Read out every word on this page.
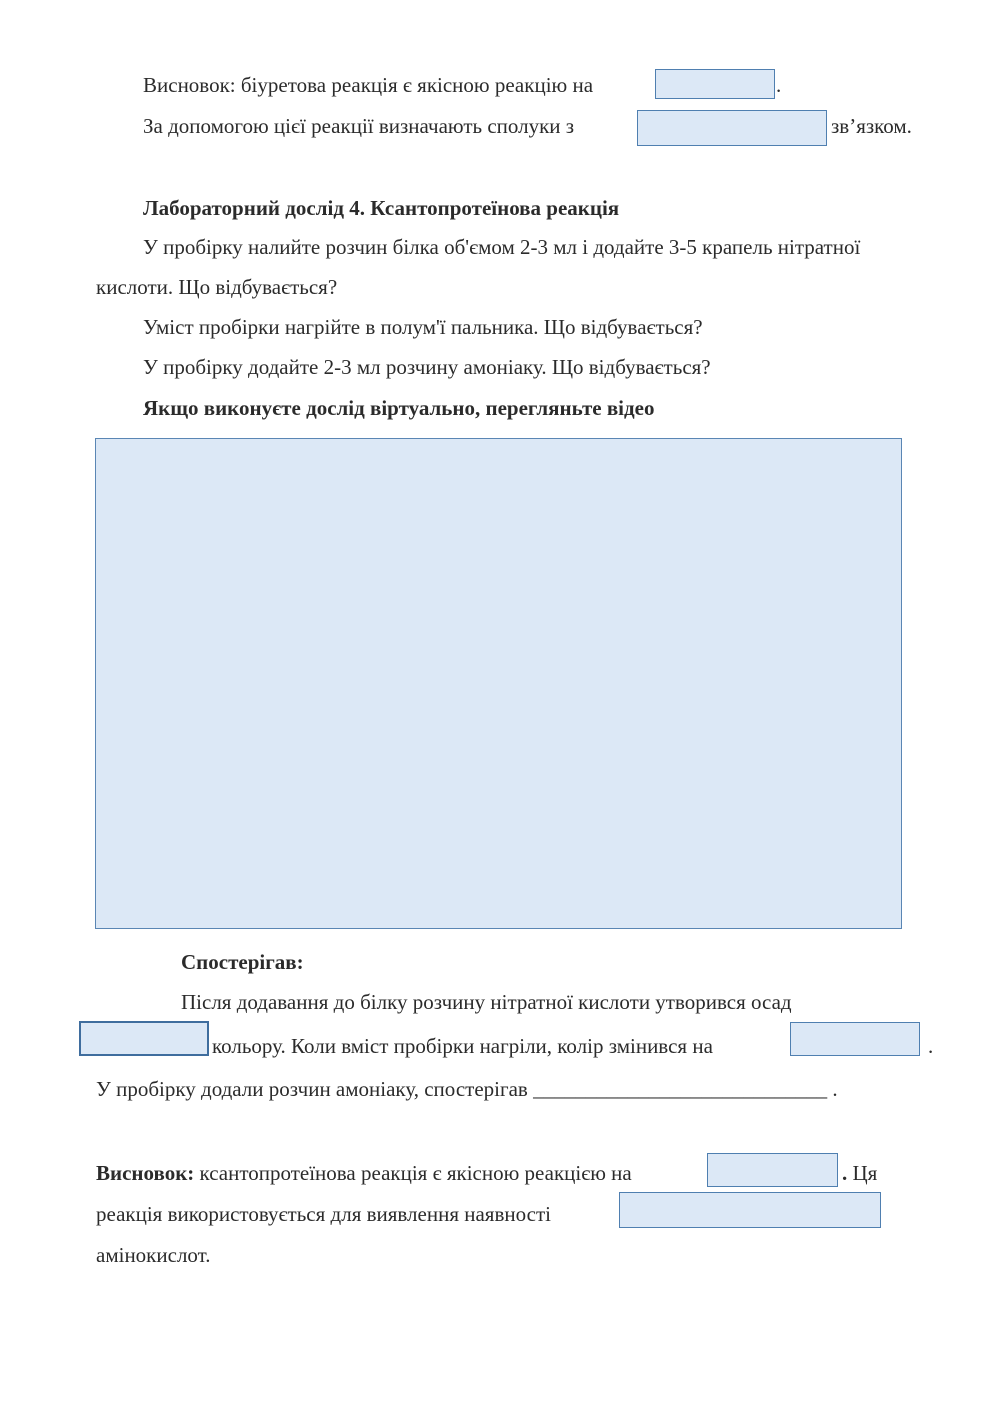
Висновок: біуретова реакція є якісною реакцію на	.
За допомогою цієї реакції визначають сполуки з	зв’язком.
Лабораторний дослід 4. Ксантопротеїнова реакція
У пробірку налийте розчин білка об'ємом 2-3 мл і додайте 3-5 крапель нітратної
кислоти. Що відбувається?
Уміст пробірки нагрійте в полум'ї пальника. Що відбувається?
У пробірку додайте 2-3 мл розчину амоніаку. Що відбувається?
Якщо виконуєте дослід віртуально, перегляньте відео
Спостерігав:
Після додавання до білку розчину нітратної кислоти утворився осад
кольору. Коли вміст пробірки нагріли, колір змінився на	.
У пробірку додали розчин амоніаку, спостерігав ____________________________ .
Висновок: ксантопротеїнова реакція є якісною реакцією на	. Ця
реакція використовується для виявлення наявності
амінокислот.
